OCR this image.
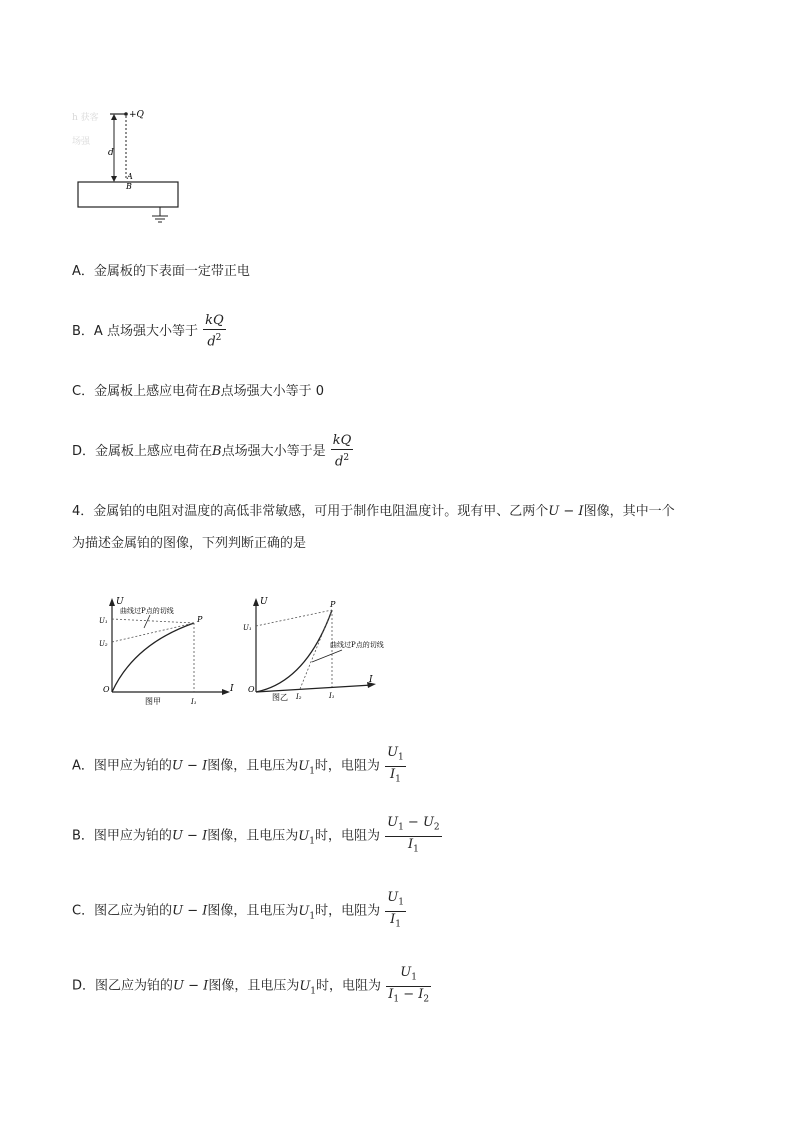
h 获客
场强
+Q
d
A
B
A．金属板的下表面一定带正电
B．A 点场强大小等于 $\frac{kQ}{d^2}$
C．金属板上感应电荷在B点场强大小等于 0
D．金属板上感应电荷在B点场强大小等于是 $\frac{kQ}{d^2}$
4．金属铂的电阻对温度的高低非常敏感，可用于制作电阻温度计。现有甲、乙两个U − I图像，其中一个
为描述金属铂的图像，下列判断正确的是
U
I
O
U₁
U₂
P
I₁
曲线过P点的切线
图甲
U
I
O
U₁
P
I₁
I₂
曲线过P点的切线
图乙
A．图甲应为铂的U − I图像，且电压为$U_1$时，电阻为 $\frac{U_1}{I_1}$
B．图甲应为铂的U − I图像，且电压为$U_1$时，电阻为 $\frac{U_1 - U_2}{I_1}$
C．图乙应为铂的U − I图像，且电压为$U_1$时，电阻为 $\frac{U_1}{I_1}$
D．图乙应为铂的U − I图像，且电压为$U_1$时，电阻为 $\frac{U_1}{I_1 - I_2}$
